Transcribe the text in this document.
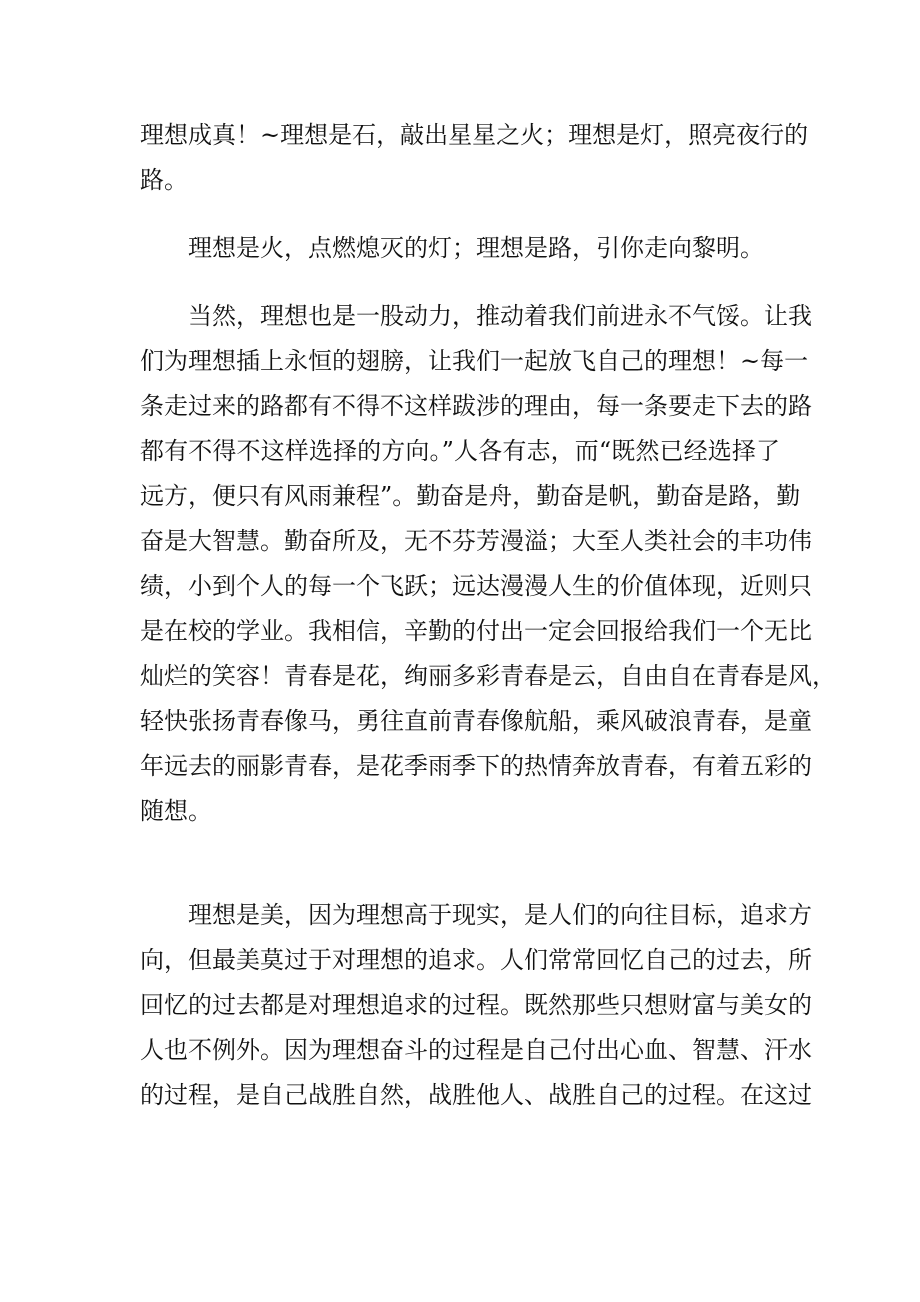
理想成真！~理想是石，敲出星星之火；理想是灯，照亮夜行的
路。
理想是火，点燃熄灭的灯；理想是路，引你走向黎明。
当然，理想也是一股动力，推动着我们前进永不气馁。让我
们为理想插上永恒的翅膀，让我们一起放飞自己的理想！~每一
条走过来的路都有不得不这样跋涉的理由，每一条要走下去的路
都有不得不这样选择的方向。”人各有志，而“既然已经选择了
远方，便只有风雨兼程”。勤奋是舟，勤奋是帆，勤奋是路，勤
奋是大智慧。勤奋所及，无不芬芳漫溢；大至人类社会的丰功伟
绩，小到个人的每一个飞跃；远达漫漫人生的价值体现，近则只
是在校的学业。我相信，辛勤的付出一定会回报给我们一个无比
灿烂的笑容！青春是花，绚丽多彩青春是云，自由自在青春是风，
轻快张扬青春像马，勇往直前青春像航船，乘风破浪青春，是童
年远去的丽影青春，是花季雨季下的热情奔放青春，有着五彩的
随想。
理想是美，因为理想高于现实，是人们的向往目标，追求方
向，但最美莫过于对理想的追求。人们常常回忆自己的过去，所
回忆的过去都是对理想追求的过程。既然那些只想财富与美女的
人也不例外。因为理想奋斗的过程是自己付出心血、智慧、汗水
的过程，是自己战胜自然，战胜他人、战胜自己的过程。在这过
